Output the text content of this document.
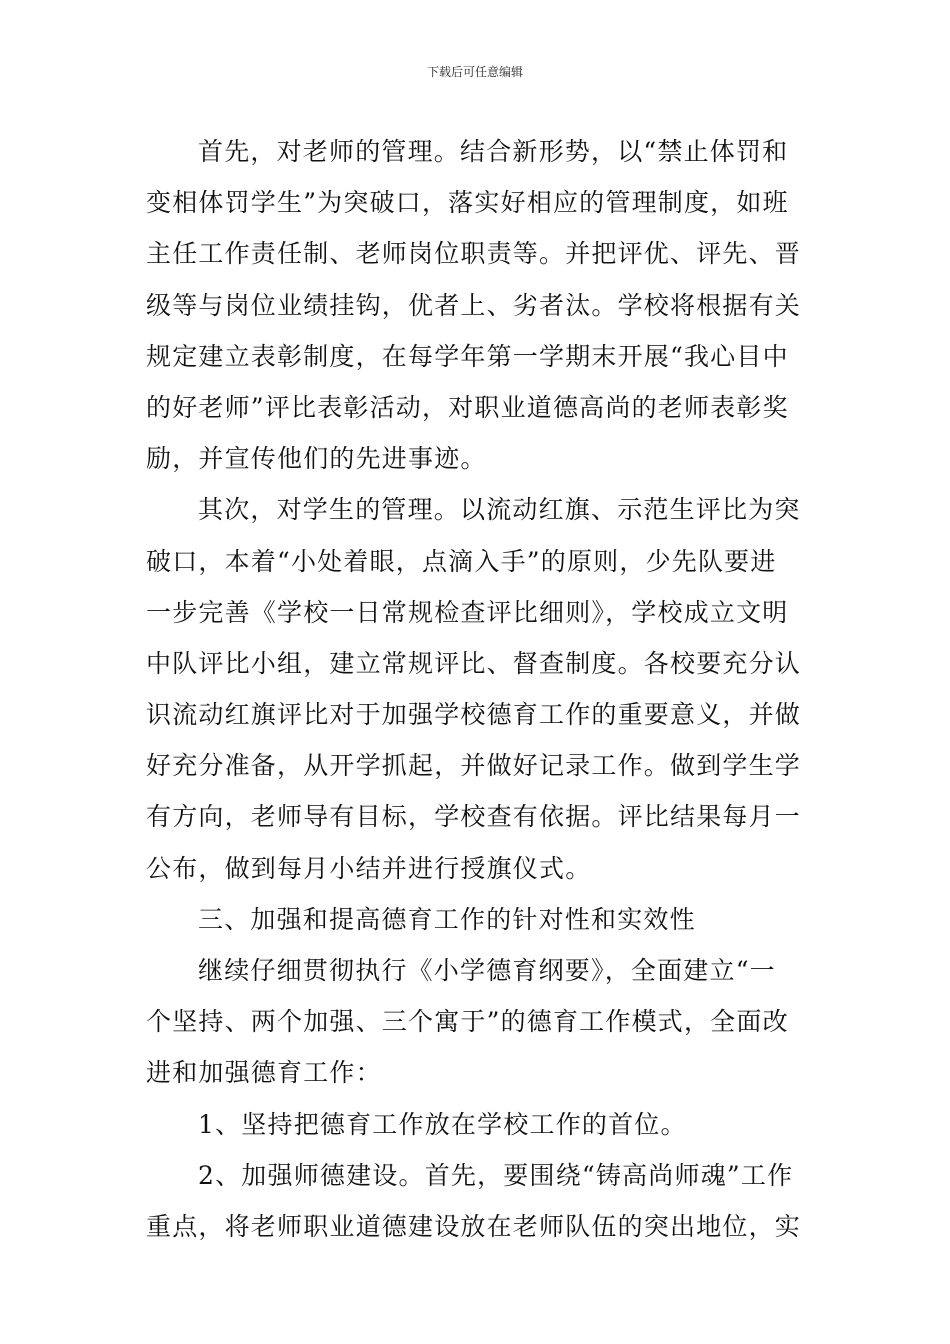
下载后可任意编辑
首先，对老师的管理。结合新形势，以“禁止体罚和
变相体罚学生”为突破口，落实好相应的管理制度，如班
主任工作责任制、老师岗位职责等。并把评优、评先、晋
级等与岗位业绩挂钩，优者上、劣者汰。学校将根据有关
规定建立表彰制度，在每学年第一学期末开展“我心目中
的好老师”评比表彰活动，对职业道德高尚的老师表彰奖
励，并宣传他们的先进事迹。
其次，对学生的管理。以流动红旗、示范生评比为突
破口，本着“小处着眼，点滴入手”的原则，少先队要进
一步完善《学校一日常规检查评比细则》，学校成立文明
中队评比小组，建立常规评比、督查制度。各校要充分认
识流动红旗评比对于加强学校德育工作的重要意义，并做
好充分准备，从开学抓起，并做好记录工作。做到学生学
有方向，老师导有目标，学校查有依据。评比结果每月一
公布，做到每月小结并进行授旗仪式。
三、加强和提高德育工作的针对性和实效性
继续仔细贯彻执行《小学德育纲要》，全面建立“一
个坚持、两个加强、三个寓于”的德育工作模式，全面改
进和加强德育工作：
1、坚持把德育工作放在学校工作的首位。
2、加强师德建设。首先，要围绕“铸高尚师魂”工作
重点，将老师职业道德建设放在老师队伍的突出地位，实
